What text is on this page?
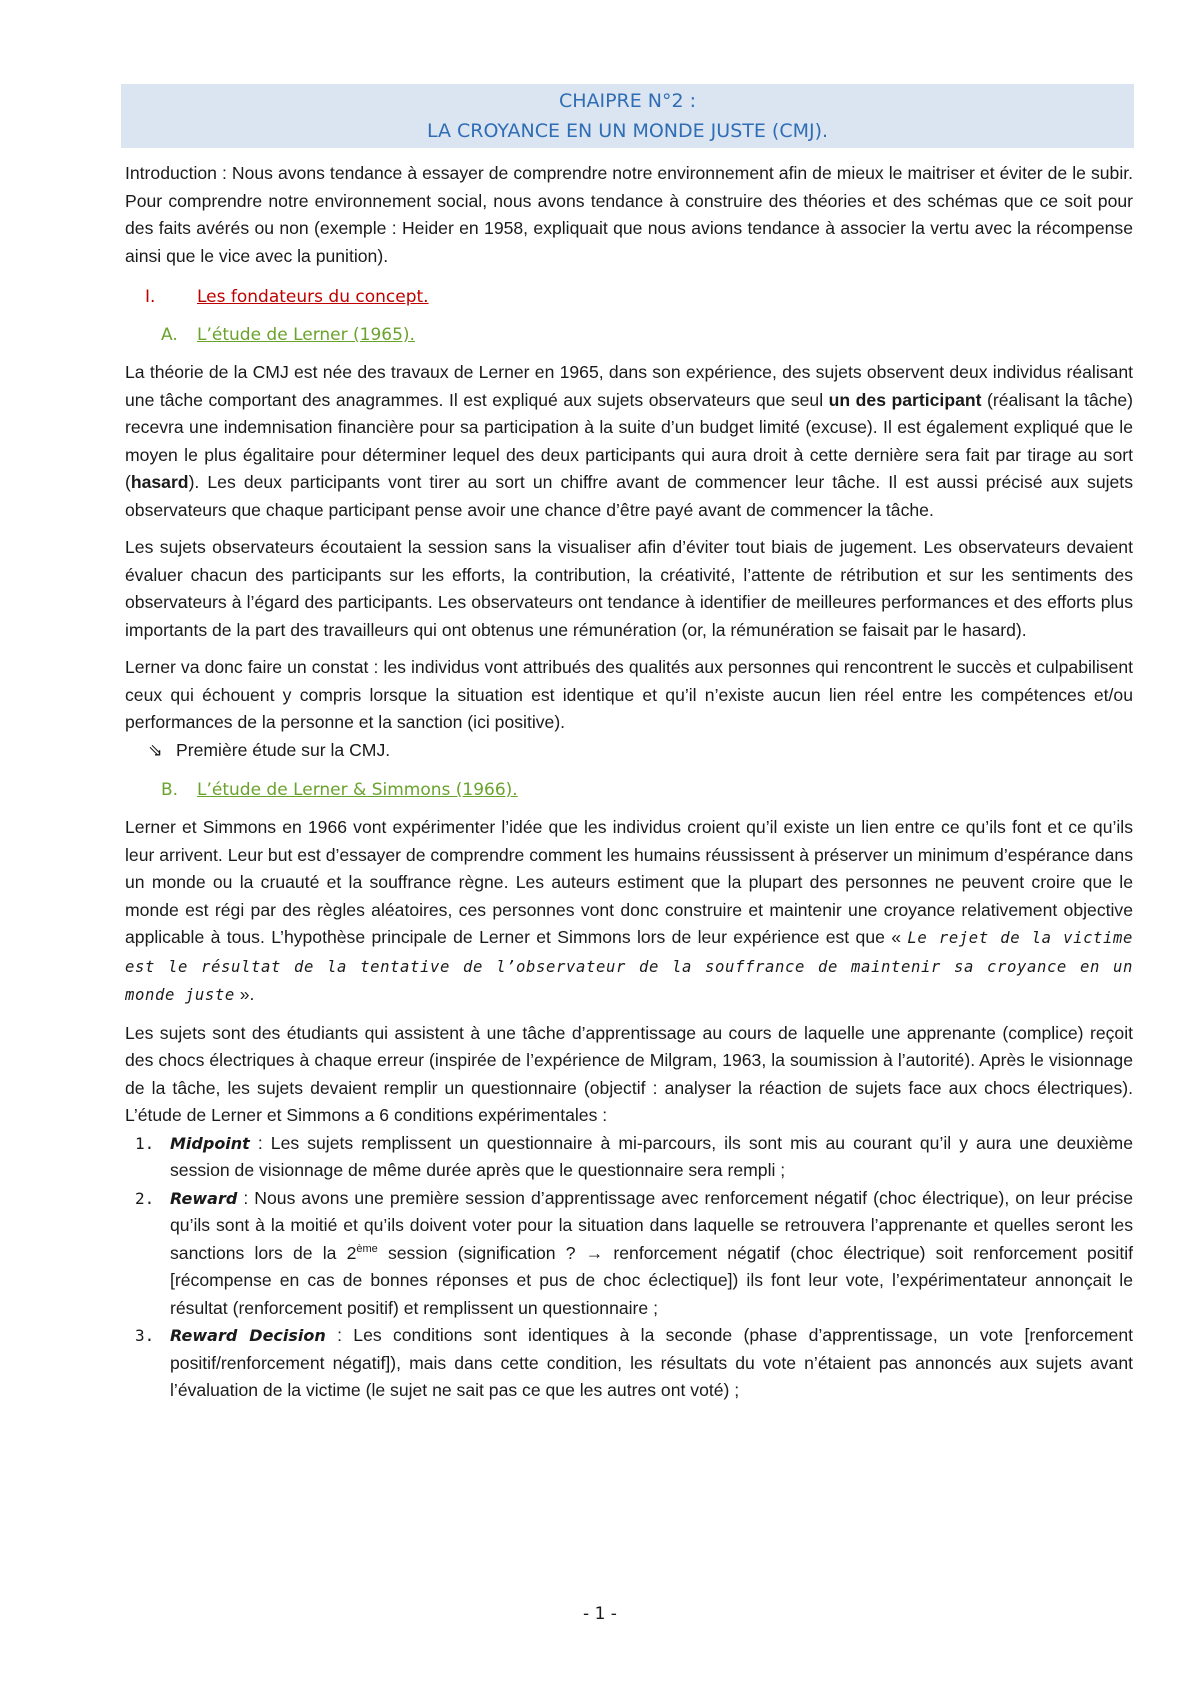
CHAIPRE N°2 :
LA CROYANCE EN UN MONDE JUSTE (CMJ).

Introduction : Nous avons tendance à essayer de comprendre notre environnement afin de mieux le maitriser et éviter de le subir. Pour comprendre notre environnement social, nous avons tendance à construire des théories et des schémas que ce soit pour des faits avérés ou non (exemple : Heider en 1958, expliquait que nous avions tendance à associer la vertu avec la récompense ainsi que le vice avec la punition).

I. Les fondateurs du concept.
A. L’étude de Lerner (1965).

La théorie de la CMJ est née des travaux de Lerner en 1965, dans son expérience, des sujets observent deux individus réalisant une tâche comportant des anagrammes. Il est expliqué aux sujets observateurs que seul un des participant (réalisant la tâche) recevra une indemnisation financière pour sa participation à la suite d’un budget limité (excuse). Il est également expliqué que le moyen le plus égalitaire pour déterminer lequel des deux participants qui aura droit à cette dernière sera fait par tirage au sort (hasard). Les deux participants vont tirer au sort un chiffre avant de commencer leur tâche. Il est aussi précisé aux sujets observateurs que chaque participant pense avoir une chance d’être payé avant de commencer la tâche.

Les sujets observateurs écoutaient la session sans la visualiser afin d’éviter tout biais de jugement. Les observateurs devaient évaluer chacun des participants sur les efforts, la contribution, la créativité, l’attente de rétribution et sur les sentiments des observateurs à l’égard des participants. Les observateurs ont tendance à identifier de meilleures performances et des efforts plus importants de la part des travailleurs qui ont obtenus une rémunération (or, la rémunération se faisait par le hasard).

Lerner va donc faire un constat : les individus vont attribués des qualités aux personnes qui rencontrent le succès et culpabilisent ceux qui échouent y compris lorsque la situation est identique et qu’il n’existe aucun lien réel entre les compétences et/ou performances de la personne et la sanction (ici positive).

⇘ Première étude sur la CMJ.

B. L’étude de Lerner & Simmons (1966).

Lerner et Simmons en 1966 vont expérimenter l’idée que les individus croient qu’il existe un lien entre ce qu’ils font et ce qu’ils leur arrivent. Leur but est d’essayer de comprendre comment les humains réussissent à préserver un minimum d’espérance dans un monde ou la cruauté et la souffrance règne. Les auteurs estiment que la plupart des personnes ne peuvent croire que le monde est régi par des règles aléatoires, ces personnes vont donc construire et maintenir une croyance relativement objective applicable à tous. L’hypothèse principale de Lerner et Simmons lors de leur expérience est que « Le rejet de la victime est le résultat de la tentative de l’observateur de la souffrance de maintenir sa croyance en un monde juste ».

Les sujets sont des étudiants qui assistent à une tâche d’apprentissage au cours de laquelle une apprenante (complice) reçoit des chocs électriques à chaque erreur (inspirée de l’expérience de Milgram, 1963, la soumission à l’autorité). Après le visionnage de la tâche, les sujets devaient remplir un questionnaire (objectif : analyser la réaction de sujets face aux chocs électriques). L’étude de Lerner et Simmons a 6 conditions expérimentales :

1. Midpoint : Les sujets remplissent un questionnaire à mi-parcours, ils sont mis au courant qu’il y aura une deuxième session de visionnage de même durée après que le questionnaire sera rempli ;
2. Reward : Nous avons une première session d’apprentissage avec renforcement négatif (choc électrique), on leur précise qu’ils sont à la moitié et qu’ils doivent voter pour la situation dans laquelle se retrouvera l’apprenante et quelles seront les sanctions lors de la 2ème session (signification ? → renforcement négatif (choc électrique) soit renforcement positif [récompense en cas de bonnes réponses et pus de choc éclectique]) ils font leur vote, l’expérimentateur annonçait le résultat (renforcement positif) et remplissent un questionnaire ;
3. Reward Decision : Les conditions sont identiques à la seconde (phase d’apprentissage, un vote [renforcement positif/renforcement négatif]), mais dans cette condition, les résultats du vote n’étaient pas annoncés aux sujets avant l’évaluation de la victime (le sujet ne sait pas ce que les autres ont voté) ;
- 1 -
